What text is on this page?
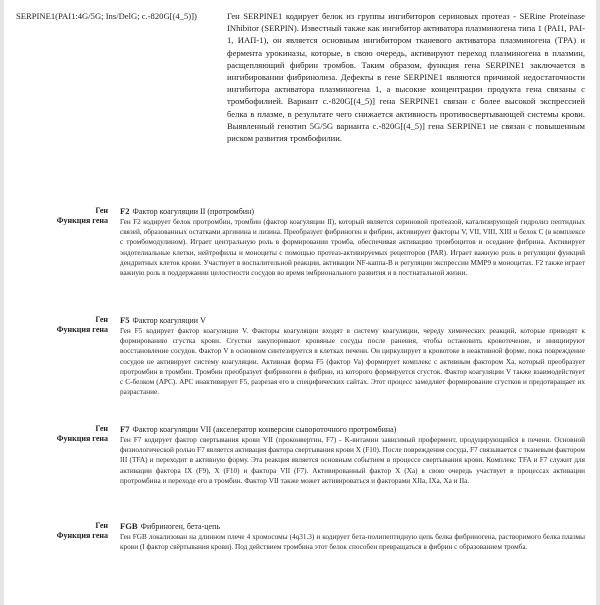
SERPINE1(PAI1:4G/5G; Ins/DelG; c.-820G[(4_5)])	Ген SERPINE1 кодирует белок из группы ингибиторов сериновых протеаз - SERine Proteinase INhibitor (SERPIN). Известный также как ингибитор активатора плазминогена типа 1 (PAI1, PAI-1, ИАП-1), он является основным ингибитором тканевого активатора плазминогена (TPA) и фермента урокиназы, которые, в свою очередь, активируют переход плазминогена в плазмин, расщепляющий фибрин тромбов. Таким образом, функция гена SERPINE1 заключается в ингибировании фибринолиза. Дефекты в гене SERPINE1 являются причиной недостаточности ингибитора активатора плазминогена 1, а высокие концентрации продукта гена связаны с тромбофилией. Вариант c.-820G[(4_5)] гена SERPINE1 связан с более высокой экспрессией белка в плазме, в результате чего снижается активность противосвертывающей системы крови. Выявленный генотип 5G/5G варианта c.-820G[(4_5)] гена SERPINE1 не связан с повышенным риском развития тромбофилии.
Ген
Функция гена

F2 Фактор коагуляции II (протромбин)

Ген F2 кодирует белок протромбин, тромбин (фактор коагуляции II), который является сериновой протеазой, катализирующей гидролиз пептидных связей, образованных остатками аргинина и лизина. Преобразует фибриноген в фибрин, активирует факторы V, VII, VIII, XIII и белок C (в комплексе с тромбомодулином). Играет центральную роль в формировании тромба, обеспечивая активацию тромбоцитов и оседание фибрина. Активирует эндотелиальные клетки, нейтрофилы и моноциты с помощью протеаз-активируемых рецепторов (PAR). Играет важную роль в регуляции функций дендритных клеток крови. Участвует в воспалительной реакции, активации NF-каппа-B и регуляции экспрессии MMP9 в моноцитах. F2 также играет важную роль в поддержании целостности сосудов во время эмбрионального развития и в постнатальной жизни.

Ген
Функция гена

F5 Фактор коагуляции V

Ген F5 кодирует фактор коагуляции V. Факторы коагуляции входят в систему коагуляции, череду химических реакций, которые приводят к формированию сгустка крови. Сгустки закупоривают кровяные сосуды после ранения, чтобы остановить кровотечение, и инициируют восстановление сосудов. Фактор V в основном синтезируется в клетках печени. Он циркулирует в кровотоке в неактивной форме, пока повреждение сосудов не активирует систему коагуляции. Активная форма F5 (фактор Va) формирует комплекс с активным фактором Xa, который преобразует протромбин в тромбин. Тромбин преобразует фибриноген в фибрин, из которого формируется сгусток. Фактор коагуляции V также взаимодействует с C-белком (APC). APC инактивирует F5, разрезая его в специфических сайтах. Этот процесс замедляет формирование сгустков и предотвращает их разрастание.

Ген
Функция гена

F7 Фактор коагуляции VII (акселератор конверсии сывороточного протромбина)

Ген F7 кодирует фактор свертывания крови VII (проконвертин, F7) - K-витамин зависимый профермент, продуцирующийся в печени. Основной физиологической ролью F7 является активация фактора свертывания крови X (F10). После повреждения сосуда, F7 связывается с тканевым фактором III (TFA) и переходит в активную форму. Эта реакция является основным событием в процессе свертывания крови. Комплекс TFA и F7 служит для активации фактора IX (F9), X (F10) и фактора VII (F7). Активированный фактор X (Xa) в свою очередь участвует в процессах активации протромбина и переходе его в тромбин. Фактор VII также может активироваться и факторами XIIa, IXa, Xa и IIa.

Ген
Функция гена

FGB Фибриноген, бета-цепь

Ген FGB локализован на длинном плече 4 хромосомы (4q31.3) и кодирует бета-полипептидную цепь белка фибриногена, растворимого белка плазмы крови (I фактор свёртывания крови). Под действием тромбина этот белок способен превращаться в фибрин с образованием тромба.
